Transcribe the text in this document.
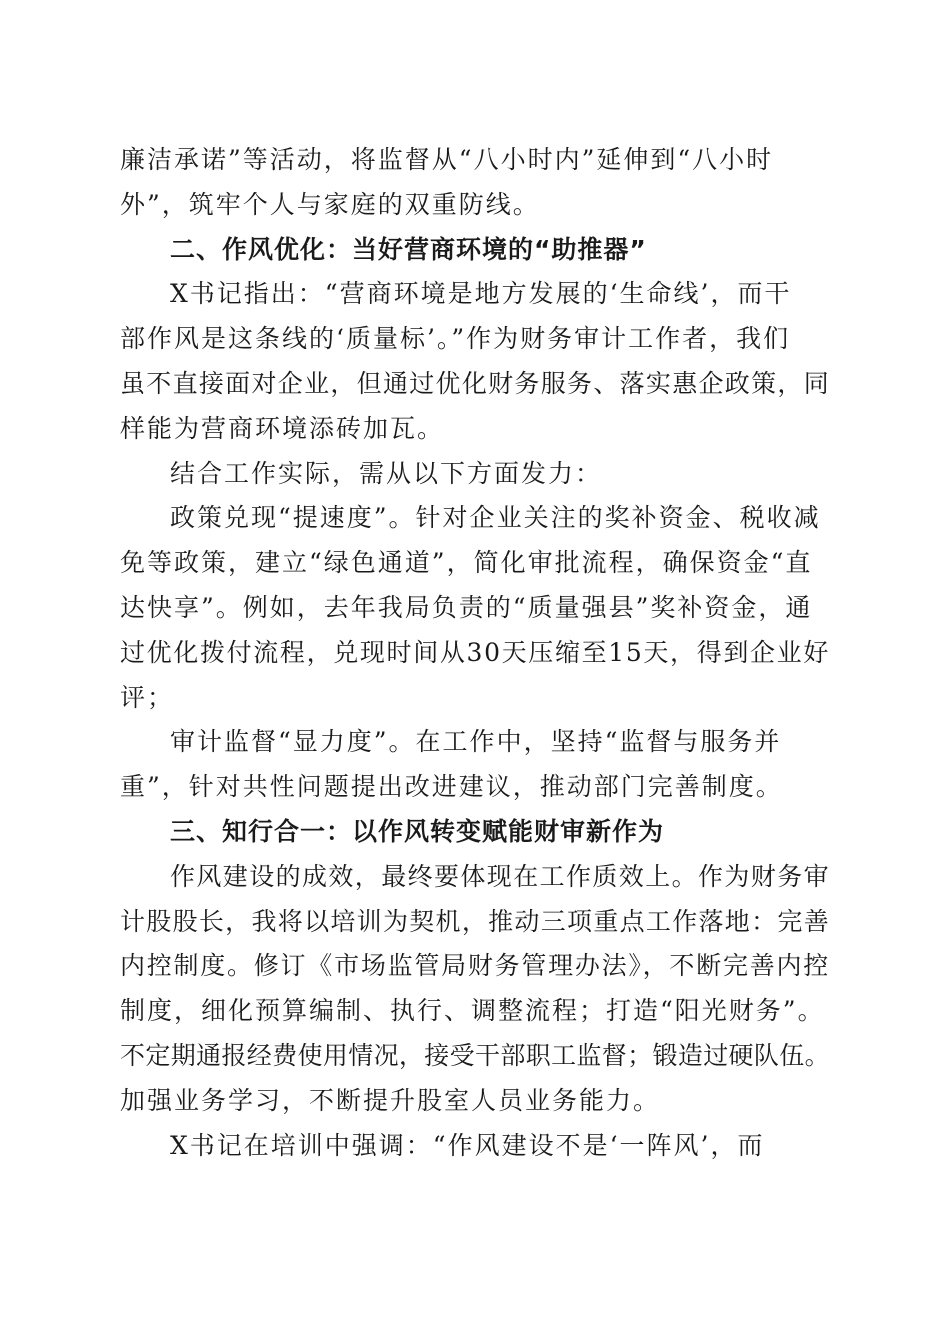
廉洁承诺”等活动，将监督从“八小时内”延伸到“八小时
外”，筑牢个人与家庭的双重防线。
二、作风优化：当好营商环境的“助推器”
X书记指出：“营商环境是地方发展的‘生命线’，而干
部作风是这条线的‘质量标’。”作为财务审计工作者，我们
虽不直接面对企业，但通过优化财务服务、落实惠企政策，同
样能为营商环境添砖加瓦。
结合工作实际，需从以下方面发力：
政策兑现“提速度”。针对企业关注的奖补资金、税收减
免等政策，建立“绿色通道”，简化审批流程，确保资金“直
达快享”。例如，去年我局负责的“质量强县”奖补资金，通
过优化拨付流程，兑现时间从30天压缩至15天，得到企业好
评；
审计监督“显力度”。在工作中，坚持“监督与服务并
重”，针对共性问题提出改进建议，推动部门完善制度。
三、知行合一：以作风转变赋能财审新作为
作风建设的成效，最终要体现在工作质效上。作为财务审
计股股长，我将以培训为契机，推动三项重点工作落地：完善
内控制度。修订《市场监管局财务管理办法》，不断完善内控
制度，细化预算编制、执行、调整流程；打造“阳光财务”。
不定期通报经费使用情况，接受干部职工监督；锻造过硬队伍。
加强业务学习，不断提升股室人员业务能力。
X书记在培训中强调：“作风建设不是‘一阵风’，而
